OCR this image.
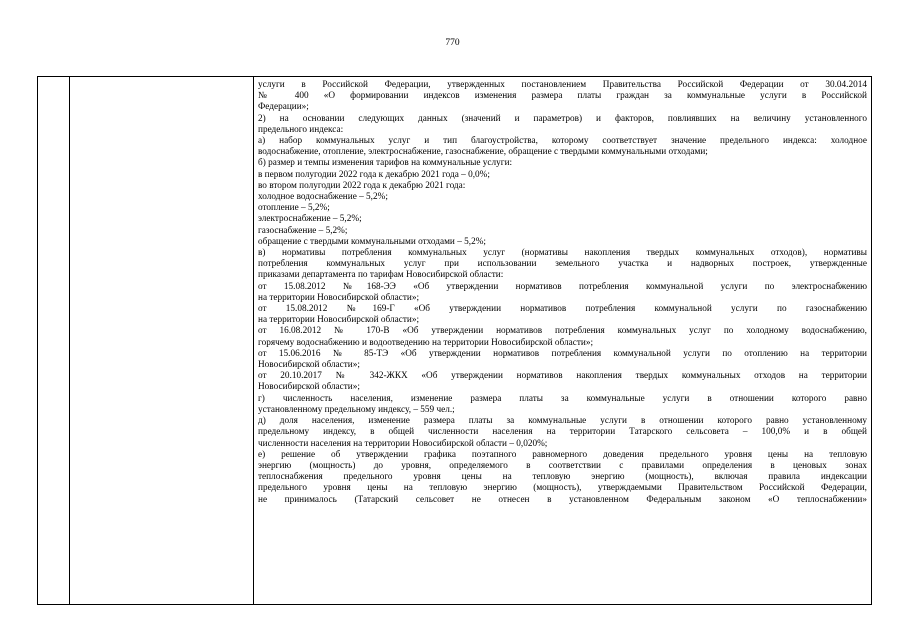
770

услуги в Российской Федерации, утвержденных постановлением Правительства Российской Федерации от 30.04.2014
№ 400 «О формировании индексов изменения размера платы граждан за коммунальные услуги в Российской
Федерации»;
2) на основании следующих данных (значений и параметров) и факторов, повлиявших на величину установленного
предельного индекса:
а) набор коммунальных услуг и тип благоустройства, которому соответствует значение предельного индекса: холодное
водоснабжение, отопление, электроснабжение, газоснабжение, обращение с твердыми коммунальными отходами;
б) размер и темпы изменения тарифов на коммунальные услуги:
в первом полугодии 2022 года к декабрю 2021 года – 0,0%;
во втором полугодии 2022 года к декабрю 2021 года:
холодное водоснабжение – 5,2%;
отопление – 5,2%;
электроснабжение – 5,2%;
газоснабжение – 5,2%;
обращение с твердыми коммунальными отходами – 5,2%;
в) нормативы потребления коммунальных услуг (нормативы накопления твердых коммунальных отходов), нормативы
потребления коммунальных услуг при использовании земельного участка и надворных построек, утвержденные
приказами департамента по тарифам Новосибирской области:
от 15.08.2012 №168-ЭЭ «Об утверждении нормативов потребления коммунальной услуги по электроснабжению
на территории Новосибирской области»;
от 15.08.2012 №169-Г «Об утверждении нормативов потребления коммунальной услуги по газоснабжению
на территории Новосибирской области»;
от 16.08.2012 № 170-В «Об утверждении нормативов потребления коммунальных услуг по холодному водоснабжению,
горячему водоснабжению и водоотведению на территории Новосибирской области»;
от 15.06.2016 № 85-ТЭ «Об утверждении нормативов потребления коммунальной услуги по отоплению на территории
Новосибирской области»;
от 20.10.2017 № 342-ЖКХ «Об утверждении нормативов накопления твердых коммунальных отходов на территории
Новосибирской области»;
г) численность населения, изменение размера платы за коммунальные услуги в отношении которого равно
установленному предельному индексу, – 559 чел.;
д) доля населения, изменение размера платы за коммунальные услуги в отношении которого равно установленному
предельному индексу, в общей численности населения на территории Татарского сельсовета – 100,0% и в общей
численности населения на территории Новосибирской области – 0,020%;
е) решение об утверждении графика поэтапного равномерного доведения предельного уровня цены на тепловую
энергию (мощность) до уровня, определяемого в соответствии с правилами определения в ценовых зонах
теплоснабжения предельного уровня цены на тепловую энергию (мощность), включая правила индексации
предельного уровня цены на тепловую энергию (мощность), утверждаемыми Правительством Российской Федерации,
не принималось (Татарский сельсовет не отнесен в установленном Федеральным законом «О теплоснабжении»
